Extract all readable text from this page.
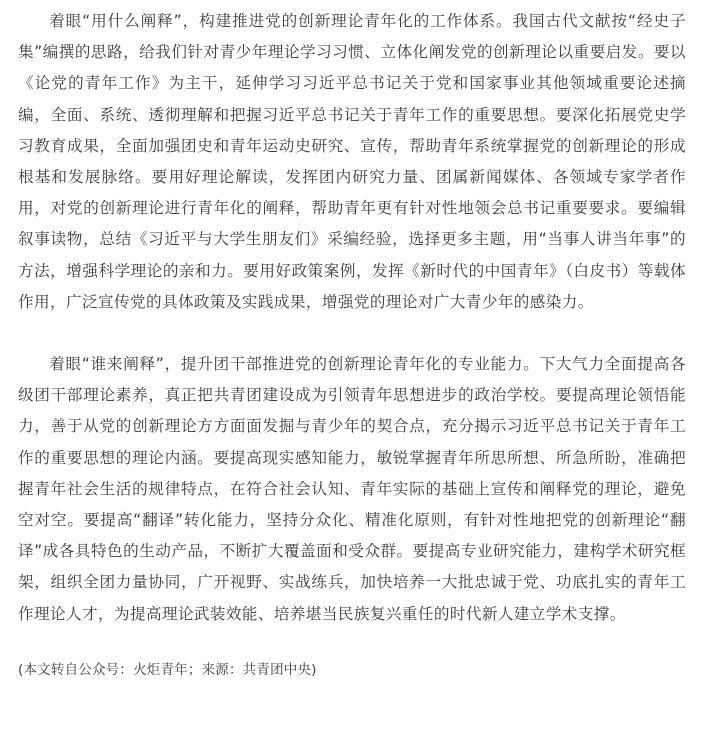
着眼“用什么阐释”，构建推进党的创新理论青年化的工作体系。我国古代文献按“经史子集”编撰的思路，给我们针对青少年理论学习习惯、立体化阐发党的创新理论以重要启发。要以《论党的青年工作》为主干，延伸学习习近平总书记关于党和国家事业其他领域重要论述摘编，全面、系统、透彻理解和把握习近平总书记关于青年工作的重要思想。要深化拓展党史学习教育成果，全面加强团史和青年运动史研究、宣传，帮助青年系统掌握党的创新理论的形成根基和发展脉络。要用好理论解读，发挥团内研究力量、团属新闻媒体、各领域专家学者作用，对党的创新理论进行青年化的阐释，帮助青年更有针对性地领会总书记重要要求。要编辑叙事读物，总结《习近平与大学生朋友们》采编经验，选择更多主题，用“当事人讲当年事”的方法，增强科学理论的亲和力。要用好政策案例，发挥《新时代的中国青年》（白皮书）等载体作用，广泛宣传党的具体政策及实践成果，增强党的理论对广大青少年的感染力。

着眼“谁来阐释”，提升团干部推进党的创新理论青年化的专业能力。下大气力全面提高各级团干部理论素养，真正把共青团建设成为引领青年思想进步的政治学校。要提高理论领悟能力，善于从党的创新理论方方面面发掘与青少年的契合点，充分揭示习近平总书记关于青年工作的重要思想的理论内涵。要提高现实感知能力，敏锐掌握青年所思所想、所急所盼，准确把握青年社会生活的规律特点，在符合社会认知、青年实际的基础上宣传和阐释党的理论，避免空对空。要提高“翻译”转化能力，坚持分众化、精准化原则，有针对性地把党的创新理论“翻译”成各具特色的生动产品，不断扩大覆盖面和受众群。要提高专业研究能力，建构学术研究框架，组织全团力量协同，广开视野、实战练兵，加快培养一大批忠诚于党、功底扎实的青年工作理论人才，为提高理论武装效能、培养堪当民族复兴重任的时代新人建立学术支撑。

(本文转自公众号：火炬青年；来源：共青团中央)
